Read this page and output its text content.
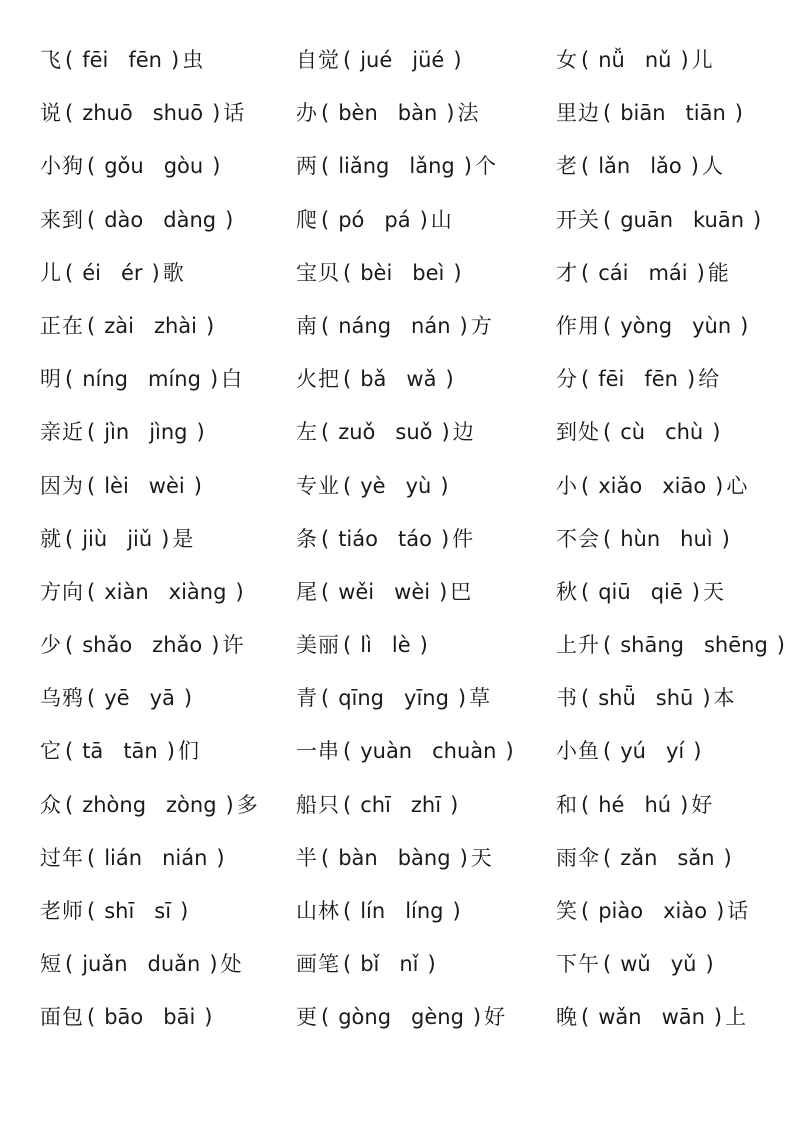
飞 ( fēi fēn ) 虫
说 ( zhuō shuō ) 话
小狗 ( gǒu gòu )
来到 ( dào dàng )
儿 ( éi ér ) 歌
正在 ( zài zhài )
明 ( níng míng ) 白
亲近 ( jìn jìng )
因为 ( lèi wèi )
就 ( jiù jiǔ ) 是
方向 ( xiàn xiàng )
少 ( shǎo zhǎo ) 许
乌鸦 ( yē yā )
它 ( tā tān ) 们
众 ( zhòng zòng ) 多
过年 ( lián nián )
老师 ( shī sī )
短 ( juǎn duǎn ) 处
面包 ( bāo bāi )
自觉 ( jué jüé )
办 ( bèn bàn ) 法
两 ( liǎng lǎng ) 个
爬 ( pó pá ) 山
宝贝 ( bèi beì )
南 ( náng nán ) 方
火把 ( bǎ wǎ )
左 ( zuǒ suǒ ) 边
专业 ( yè yù )
条 ( tiáo táo ) 件
尾 ( wěi wèi ) 巴
美丽 ( lì lè )
青 ( qīng yīng ) 草
一串 ( yuàn chuàn )
船只 ( chī zhī )
半 ( bàn bàng ) 天
山林 ( lín líng )
画笔 ( bǐ nǐ )
更 ( gòng gèng ) 好
女 ( nǚ nǔ ) 儿
里边 ( biān tiān )
老 ( lǎn lǎo ) 人
开关 ( guān kuān )
才 ( cái mái ) 能
作用 ( yòng yùn )
分 ( fēi fēn ) 给
到处 ( cù chù )
小 ( xiǎo xiāo ) 心
不会 ( hùn huì )
秋 ( qiū qiē ) 天
上升 ( shāng shēng )
书 ( shǖ shū ) 本
小鱼 ( yú yí )
和 ( hé hú ) 好
雨伞 ( zǎn sǎn )
笑 ( piào xiào ) 话
下午 ( wǔ yǔ )
晚 ( wǎn wān ) 上
